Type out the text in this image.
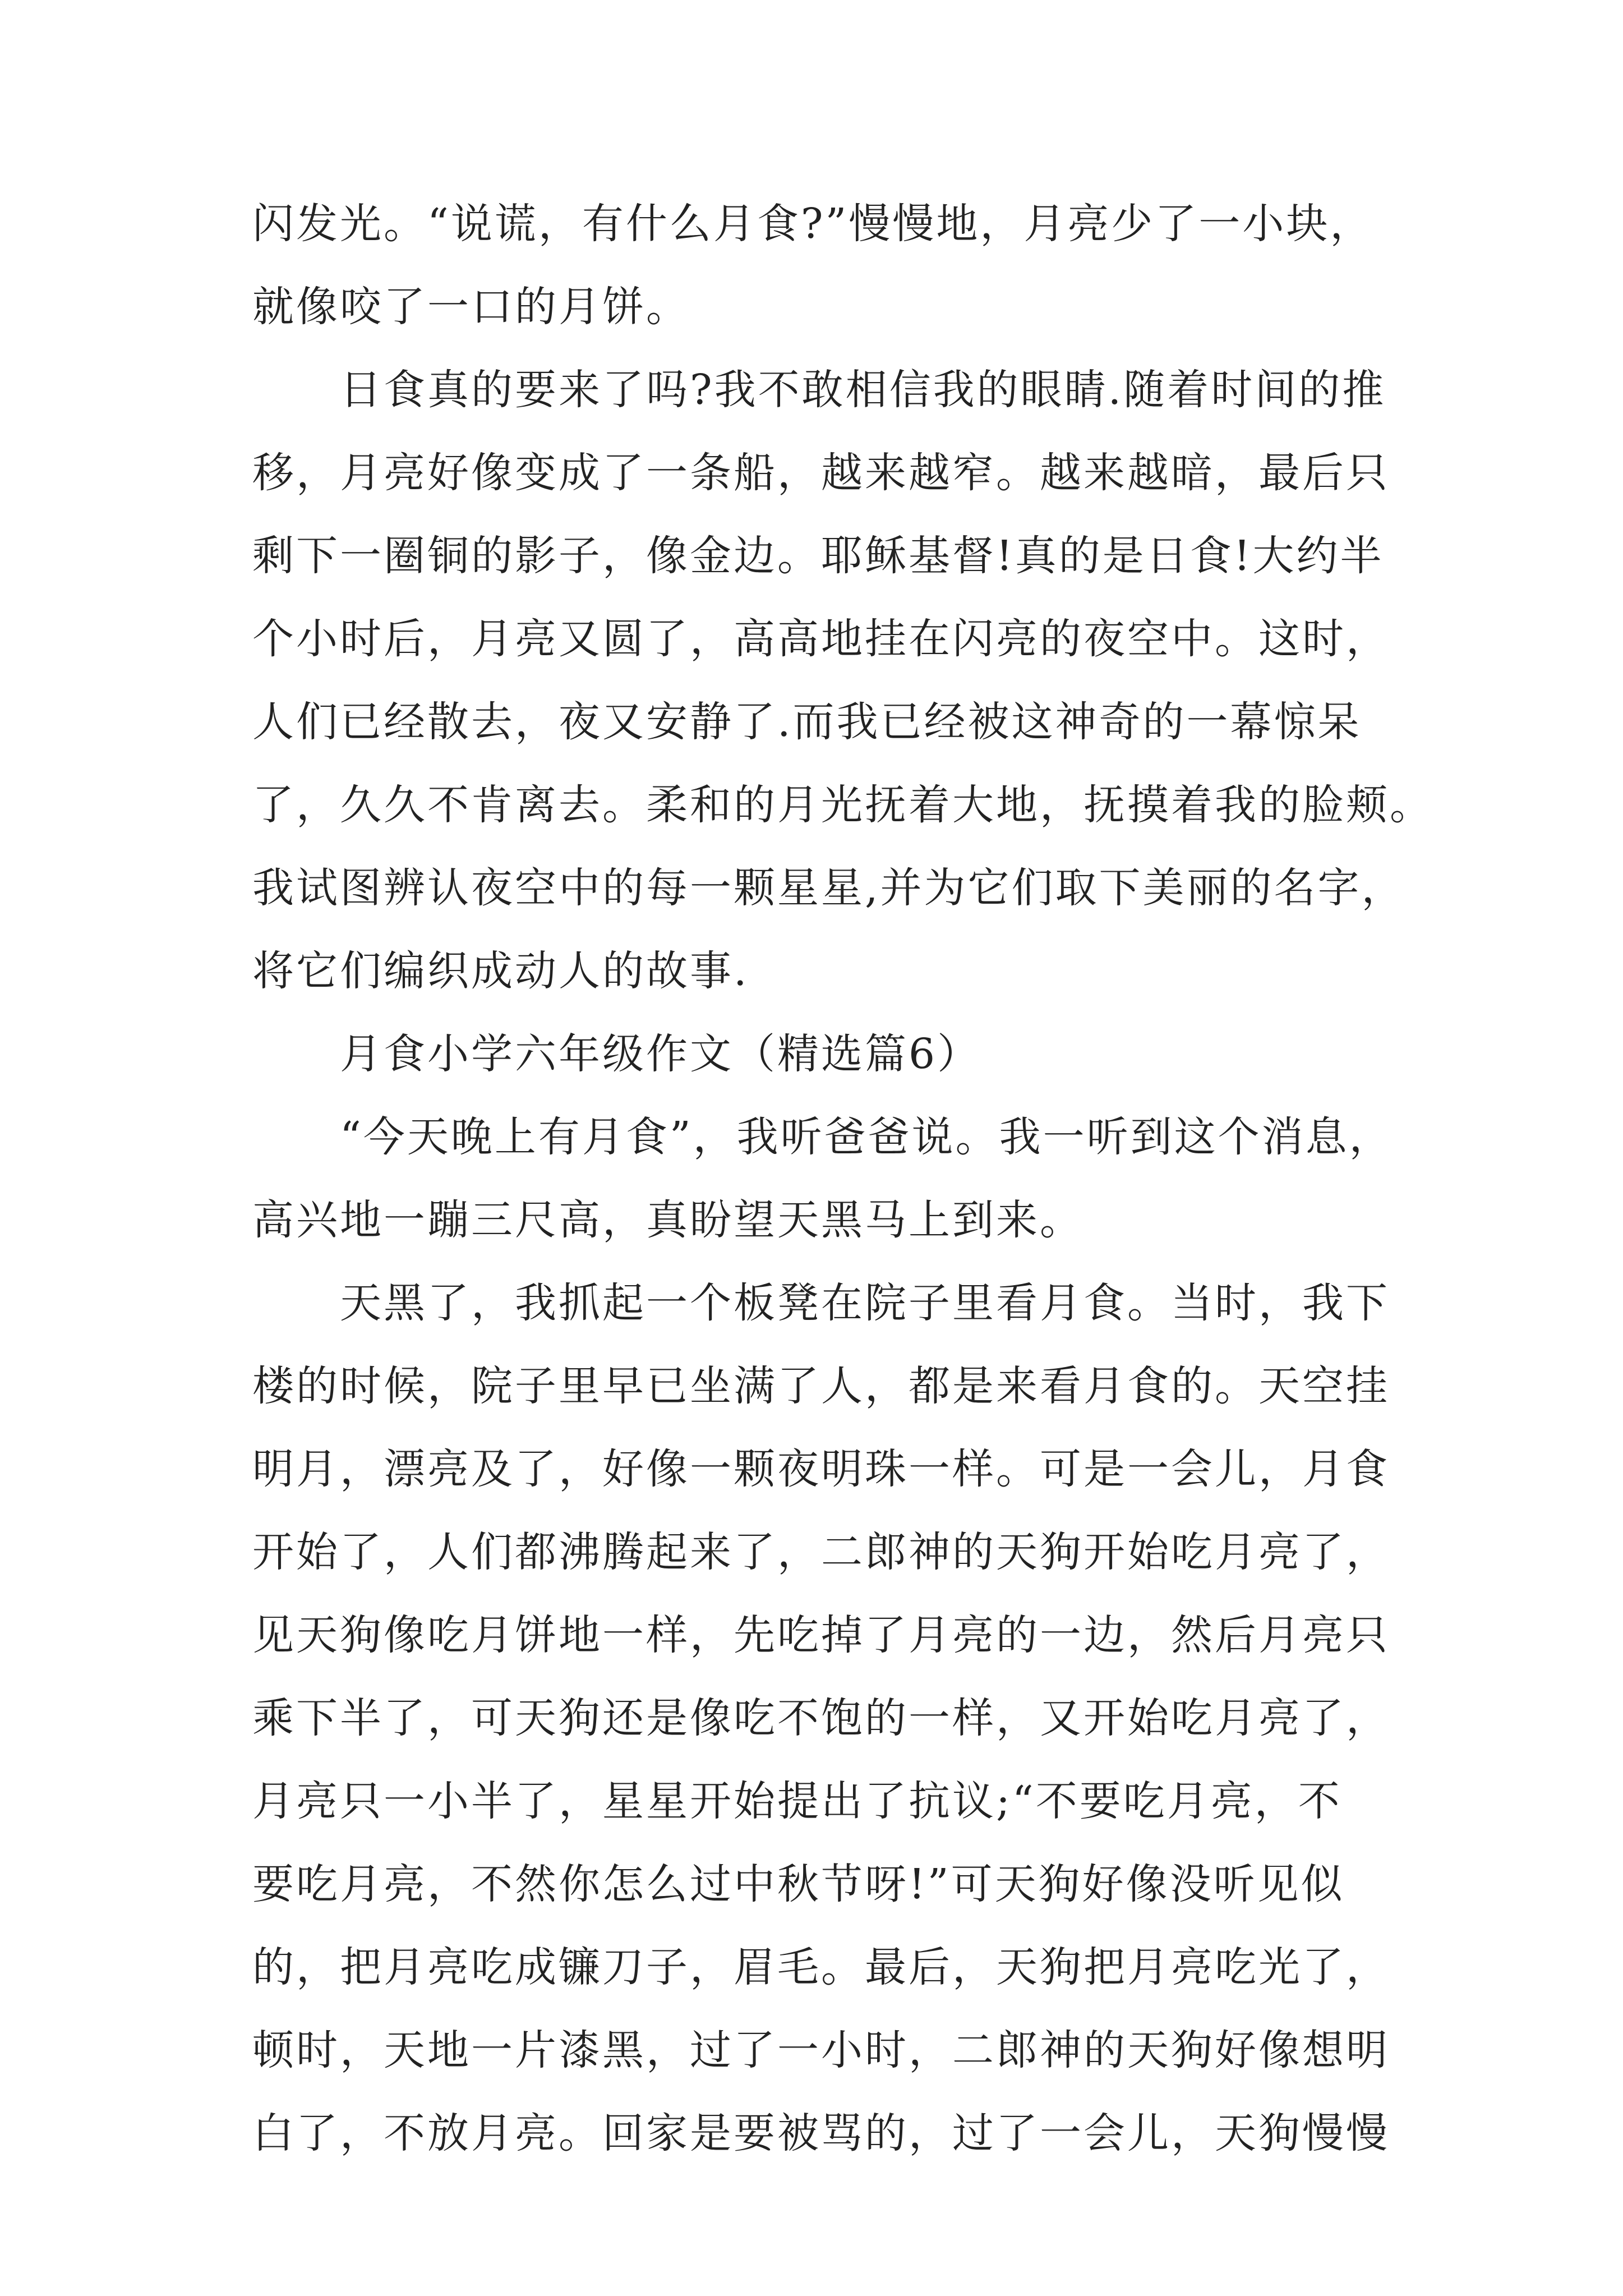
闪发光。“说谎，有什么月食?”慢慢地，月亮少了一小块，
就像咬了一口的月饼。
　　日食真的要来了吗?我不敢相信我的眼睛.随着时间的推
移，月亮好像变成了一条船，越来越窄。越来越暗，最后只
剩下一圈铜的影子，像金边。耶稣基督!真的是日食!大约半
个小时后，月亮又圆了，高高地挂在闪亮的夜空中。这时，
人们已经散去，夜又安静了.而我已经被这神奇的一幕惊呆
了，久久不肯离去。柔和的月光抚着大地，抚摸着我的脸颊。
我试图辨认夜空中的每一颗星星,并为它们取下美丽的名字，
将它们编织成动人的故事.
　　月食小学六年级作文（精选篇6）
　　“今天晚上有月食”，我听爸爸说。我一听到这个消息，
高兴地一蹦三尺高，真盼望天黑马上到来。
　　天黑了，我抓起一个板凳在院子里看月食。当时，我下
楼的时候，院子里早已坐满了人，都是来看月食的。天空挂
明月，漂亮及了，好像一颗夜明珠一样。可是一会儿，月食
开始了，人们都沸腾起来了，二郎神的天狗开始吃月亮了，
见天狗像吃月饼地一样，先吃掉了月亮的一边，然后月亮只
乘下半了，可天狗还是像吃不饱的一样，又开始吃月亮了，
月亮只一小半了，星星开始提出了抗议;“不要吃月亮，不
要吃月亮，不然你怎么过中秋节呀!”可天狗好像没听见似
的，把月亮吃成镰刀子，眉毛。最后，天狗把月亮吃光了，
顿时，天地一片漆黑，过了一小时，二郎神的天狗好像想明
白了，不放月亮。回家是要被骂的，过了一会儿，天狗慢慢
